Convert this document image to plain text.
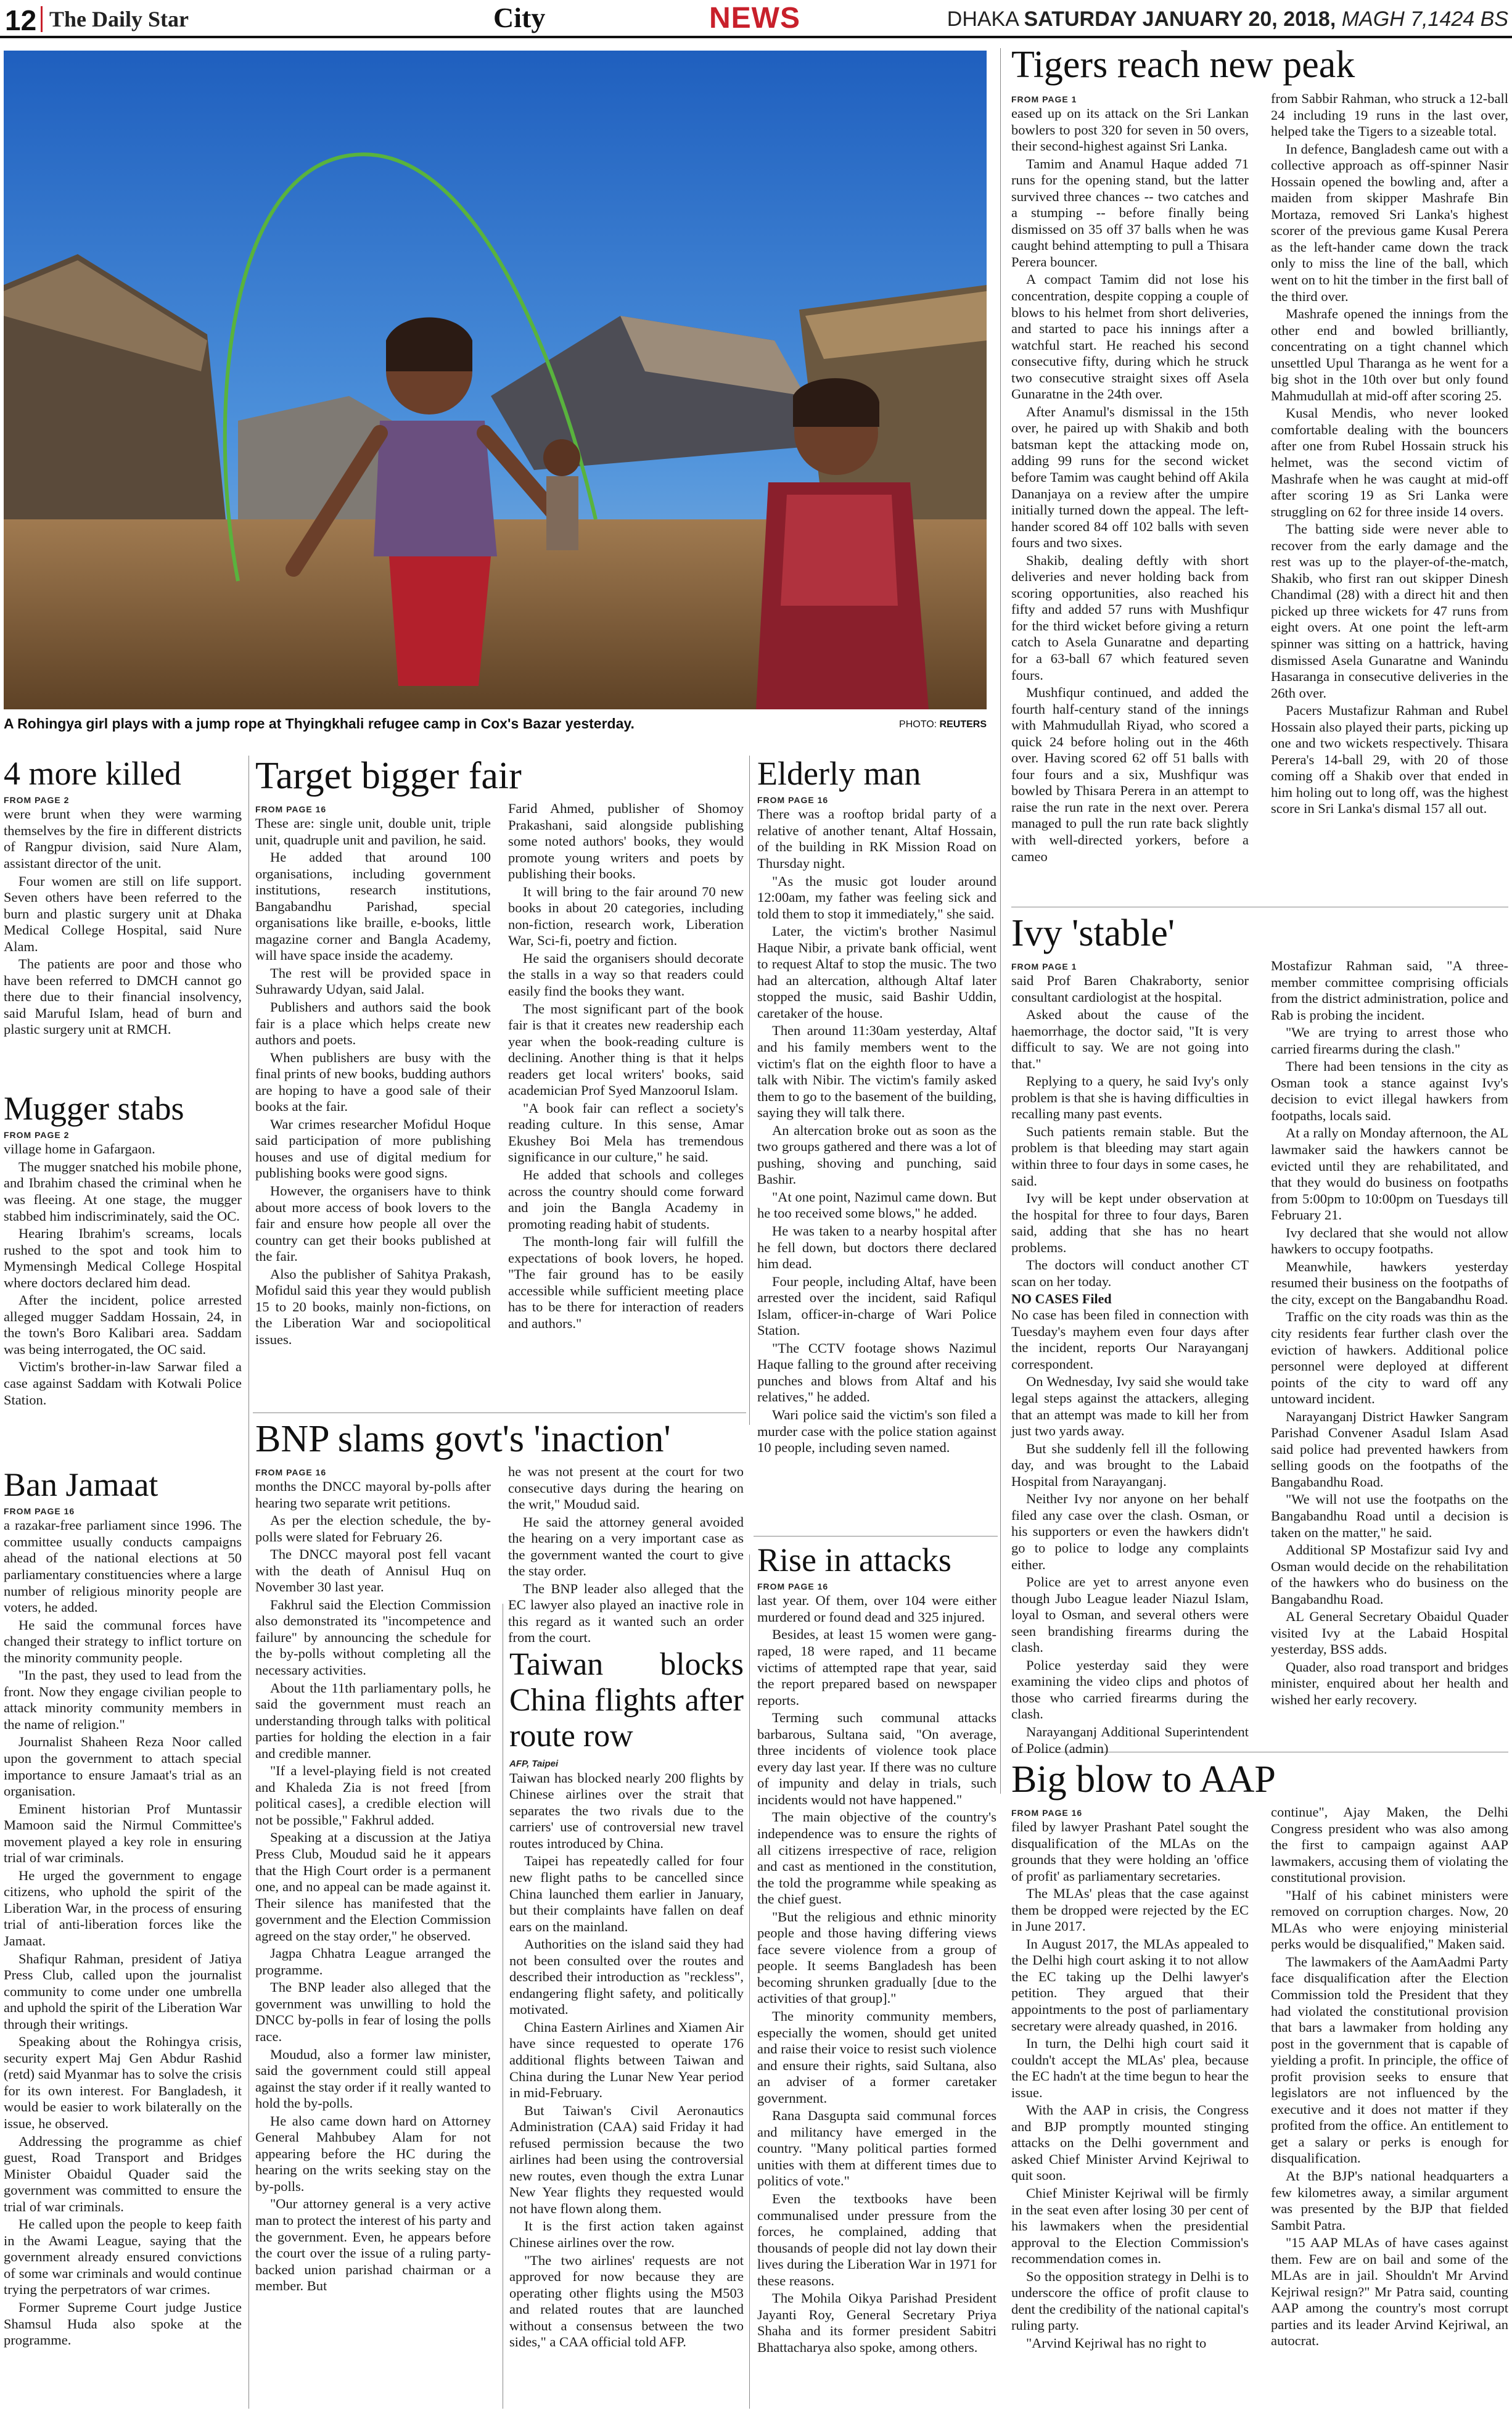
12 The Daily Star	City	NEWS	DHAKA SATURDAY JANUARY 20, 2018, MAGH 7,1424 BS
A Rohingya girl plays with a jump rope at Thyingkhali refugee camp in Cox's Bazar yesterday.	PHOTO: REUTERS
Tigers reach new peak
FROM PAGE 1

eased up on its attack on the Sri Lankan bowlers to post 320 for seven in 50 overs, their second-highest against Sri Lanka.

Tamim and Anamul Haque added 71 runs for the opening stand, but the latter survived three chances -- two catches and a stumping -- before finally being dismissed on 35 off 37 balls when he was caught behind attempting to pull a Thisara Perera bouncer.

A compact Tamim did not lose his concentration, despite copping a couple of blows to his helmet from short deliveries, and started to pace his innings after a watchful start. He reached his second consecutive fifty, during which he struck two consecutive straight sixes off Asela Gunaratne in the 24th over.

After Anamul's dismissal in the 15th over, he paired up with Shakib and both batsman kept the attacking mode on, adding 99 runs for the second wicket before Tamim was caught behind off Akila Dananjaya on a review after the umpire initially turned down the appeal. The left-hander scored 84 off 102 balls with seven fours and two sixes.

Shakib, dealing deftly with short deliveries and never holding back from scoring opportunities, also reached his fifty and added 57 runs with Mushfiqur for the third wicket before giving a return catch to Asela Gunaratne and departing for a 63-ball 67 which featured seven fours.

Mushfiqur continued, and added the fourth half-century stand of the innings with Mahmudullah Riyad, who scored a quick 24 before holing out in the 46th over. Having scored 62 off 51 balls with four fours and a six, Mushfiqur was bowled by Thisara Perera in an attempt to raise the run rate in the next over. Perera managed to pull the run rate back slightly with well-directed yorkers, before a cameo

from Sabbir Rahman, who struck a 12-ball 24 including 19 runs in the last over, helped take the Tigers to a sizeable total.

In defence, Bangladesh came out with a collective approach as off-spinner Nasir Hossain opened the bowling and, after a maiden from skipper Mashrafe Bin Mortaza, removed Sri Lanka's highest scorer of the previous game Kusal Perera as the left-hander came down the track only to miss the line of the ball, which went on to hit the timber in the first ball of the third over.

Mashrafe opened the innings from the other end and bowled brilliantly, concentrating on a tight channel which unsettled Upul Tharanga as he went for a big shot in the 10th over but only found Mahmudullah at mid-off after scoring 25.

Kusal Mendis, who never looked comfortable dealing with the bouncers after one from Rubel Hossain struck his helmet, was the second victim of Mashrafe when he was caught at mid-off after scoring 19 as Sri Lanka were struggling on 62 for three inside 14 overs.

The batting side were never able to recover from the early damage and the rest was up to the player-of-the-match, Shakib, who first ran out skipper Dinesh Chandimal (28) with a direct hit and then picked up three wickets for 47 runs from eight overs. At one point the left-arm spinner was sitting on a hattrick, having dismissed Asela Gunaratne and Wanindu Hasaranga in consecutive deliveries in the 26th over.

Pacers Mustafizur Rahman and Rubel Hossain also played their parts, picking up one and two wickets respectively. Thisara Perera's 14-ball 29, with 20 of those coming off a Shakib over that ended in him holing out to long off, was the highest score in Sri Lanka's dismal 157 all out.

Ivy 'stable'
FROM PAGE 1

said Prof Baren Chakraborty, senior consultant cardiologist at the hospital.

Asked about the cause of the haemorrhage, the doctor said, "It is very difficult to say. We are not going into that."

Replying to a query, he said Ivy's only problem is that she is having difficulties in recalling many past events.

Such patients remain stable. But the problem is that bleeding may start again within three to four days in some cases, he said.

Ivy will be kept under observation at the hospital for three to four days, Baren said, adding that she has no heart problems.

The doctors will conduct another CT scan on her today.

NO CASES Filed

No case has been filed in connection with Tuesday's mayhem even four days after the incident, reports Our Narayanganj correspondent.

On Wednesday, Ivy said she would take legal steps against the attackers, alleging that an attempt was made to kill her from just two yards away.

But she suddenly fell ill the following day, and was brought to the Labaid Hospital from Narayanganj.

Neither Ivy nor anyone on her behalf filed any case over the clash. Osman, or his supporters or even the hawkers didn't go to police to lodge any complaints either.

Police are yet to arrest anyone even though Jubo League leader Niazul Islam, loyal to Osman, and several others were seen brandishing firearms during the clash.

Police yesterday said they were examining the video clips and photos of those who carried firearms during the clash.

Narayanganj Additional Superintendent of Police (admin)

Mostafizur Rahman said, "A three-member committee comprising officials from the district administration, police and Rab is probing the incident.

"We are trying to arrest those who carried firearms during the clash."

There had been tensions in the city as Osman took a stance against Ivy's decision to evict illegal hawkers from footpaths, locals said.

At a rally on Monday afternoon, the AL lawmaker said the hawkers cannot be evicted until they are rehabilitated, and that they would do business on footpaths from 5:00pm to 10:00pm on Tuesdays till February 21.

Ivy declared that she would not allow hawkers to occupy footpaths.

Meanwhile, hawkers yesterday resumed their business on the footpaths of the city, except on the Bangabandhu Road.

Traffic on the city roads was thin as the city residents fear further clash over the eviction of hawkers. Additional police personnel were deployed at different points of the city to ward off any untoward incident.

Narayanganj District Hawker Sangram Parishad Convener Asadul Islam Asad said police had prevented hawkers from selling goods on the footpaths of the Bangabandhu Road.

"We will not use the footpaths on the Bangabandhu Road until a decision is taken on the matter," he said.

Additional SP Mostafizur said Ivy and Osman would decide on the rehabilitation of the hawkers who do business on the Bangabandhu Road.

AL General Secretary Obaidul Quader visited Ivy at the Labaid Hospital yesterday, BSS adds.

Quader, also road transport and bridges minister, enquired about her health and wished her early recovery.

Big blow to AAP
FROM PAGE 16

filed by lawyer Prashant Patel sought the disqualification of the MLAs on the grounds that they were holding an 'office of profit' as parliamentary secretaries.

The MLAs' pleas that the case against them be dropped were rejected by the EC in June 2017.

In August 2017, the MLAs appealed to the Delhi high court asking it to not allow the EC taking up the Delhi lawyer's petition. They argued that their appointments to the post of parliamentary secretary were already quashed, in 2016.

In turn, the Delhi high court said it couldn't accept the MLAs' plea, because the EC hadn't at the time begun to hear the issue.

With the AAP in crisis, the Congress and BJP promptly mounted stinging attacks on the Delhi government and asked Chief Minister Arvind Kejriwal to quit soon.

Chief Minister Kejriwal will be firmly in the seat even after losing 30 per cent of his lawmakers when the presidential approval to the Election Commission's recommendation comes in.

So the opposition strategy in Delhi is to underscore the office of profit clause to dent the credibility of the national capital's ruling party.

"Arvind Kejriwal has no right to

continue", Ajay Maken, the Delhi Congress president who was also among the first to campaign against AAP lawmakers, accusing them of violating the constitutional provision.

"Half of his cabinet ministers were removed on corruption charges. Now, 20 MLAs who were enjoying ministerial perks would be disqualified," Maken said.

The lawmakers of the AamAadmi Party face disqualification after the Election Commission told the President that they had violated the constitutional provision that bars a lawmaker from holding any post in the government that is capable of yielding a profit. In principle, the office of profit provision seeks to ensure that legislators are not influenced by the executive and it does not matter if they profited from the office. An entitlement to get a salary or perks is enough for disqualification.

At the BJP's national headquarters a few kilometres away, a similar argument was presented by the BJP that fielded Sambit Patra.

"15 AAP MLAs of have cases against them. Few are on bail and some of the MLAs are in jail. Shouldn't Mr Arvind Kejriwal resign?" Mr Patra said, counting AAP among the country's most corrupt parties and its leader Arvind Kejriwal, an autocrat.

4 more killed
FROM PAGE 2

were brunt when they were warming themselves by the fire in different districts of Rangpur division, said Nure Alam, assistant director of the unit.

Four women are still on life support. Seven others have been referred to the burn and plastic surgery unit at Dhaka Medical College Hospital, said Nure Alam.

The patients are poor and those who have been referred to DMCH cannot go there due to their financial insolvency, said Maruful Islam, head of burn and plastic surgery unit at RMCH.

Mugger stabs
FROM PAGE 2

village home in Gafargaon.

The mugger snatched his mobile phone, and Ibrahim chased the criminal when he was fleeing. At one stage, the mugger stabbed him indiscriminately, said the OC.

Hearing Ibrahim's screams, locals rushed to the spot and took him to Mymensingh Medical College Hospital where doctors declared him dead.

After the incident, police arrested alleged mugger Saddam Hossain, 24, in the town's Boro Kalibari area. Saddam was being interrogated, the OC said.

Victim's brother-in-law Sarwar filed a case against Saddam with Kotwali Police Station.

Ban Jamaat
FROM PAGE 16

a razakar-free parliament since 1996. The committee usually conducts campaigns ahead of the national elections at 50 parliamentary constituencies where a large number of religious minority people are voters, he added.

He said the communal forces have changed their strategy to inflict torture on the minority community people.

"In the past, they used to lead from the front. Now they engage civilian people to attack minority community members in the name of religion."

Journalist Shaheen Reza Noor called upon the government to attach special importance to ensure Jamaat's trial as an organisation.

Eminent historian Prof Muntassir Mamoon said the Nirmul Committee's movement played a key role in ensuring trial of war criminals.

He urged the government to engage citizens, who uphold the spirit of the Liberation War, in the process of ensuring trial of anti-liberation forces like the Jamaat.

Shafiqur Rahman, president of Jatiya Press Club, called upon the journalist community to come under one umbrella and uphold the spirit of the Liberation War through their writings.

Speaking about the Rohingya crisis, security expert Maj Gen Abdur Rashid (retd) said Myanmar has to solve the crisis for its own interest. For Bangladesh, it would be easier to work bilaterally on the issue, he observed.

Addressing the programme as chief guest, Road Transport and Bridges Minister Obaidul Quader said the government was committed to ensure the trial of war criminals.

He called upon the people to keep faith in the Awami League, saying that the government already ensured convictions of some war criminals and would continue trying the perpetrators of war crimes.

Former Supreme Court judge Justice Shamsul Huda also spoke at the programme.

Target bigger fair
FROM PAGE 16

These are: single unit, double unit, triple unit, quadruple unit and pavilion, he said.

He added that around 100 organisations, including government institutions, research institutions, Bangabandhu Parishad, special organisations like braille, e-books, little magazine corner and Bangla Academy, will have space inside the academy.

The rest will be provided space in Suhrawardy Udyan, said Jalal.

Publishers and authors said the book fair is a place which helps create new authors and poets.

When publishers are busy with the final prints of new books, budding authors are hoping to have a good sale of their books at the fair.

War crimes researcher Mofidul Hoque said participation of more publishing houses and use of digital medium for publishing books were good signs.

However, the organisers have to think about more access of book lovers to the fair and ensure how people all over the country can get their books published at the fair.

Also the publisher of Sahitya Prakash, Mofidul said this year they would publish 15 to 20 books, mainly non-fictions, on the Liberation War and sociopolitical issues.

Farid Ahmed, publisher of Shomoy Prakashani, said alongside publishing some noted authors' books, they would promote young writers and poets by publishing their books.

It will bring to the fair around 70 new books in about 20 categories, including non-fiction, research work, Liberation War, Sci-fi, poetry and fiction.

He said the organisers should decorate the stalls in a way so that readers could easily find the books they want.

The most significant part of the book fair is that it creates new readership each year when the book-reading culture is declining. Another thing is that it helps readers get local writers' books, said academician Prof Syed Manzoorul Islam.

"A book fair can reflect a society's reading culture. In this sense, Amar Ekushey Boi Mela has tremendous significance in our culture," he said.

He added that schools and colleges across the country should come forward and join the Bangla Academy in promoting reading habit of students.

The month-long fair will fulfill the expectations of book lovers, he hoped. "The fair ground has to be easily accessible while sufficient meeting place has to be there for interaction of readers and authors."

BNP slams govt's 'inaction'
FROM PAGE 16

months the DNCC mayoral by-polls after hearing two separate writ petitions.

As per the election schedule, the by-polls were slated for February 26.

The DNCC mayoral post fell vacant with the death of Annisul Huq on November 30 last year.

Fakhrul said the Election Commission also demonstrated its "incompetence and failure" by announcing the schedule for the by-polls without completing all the necessary activities.

About the 11th parliamentary polls, he said the government must reach an understanding through talks with political parties for holding the election in a fair and credible manner.

"If a level-playing field is not created and Khaleda Zia is not freed [from political cases], a credible election will not be possible," Fakhrul added.

Speaking at a discussion at the Jatiya Press Club, Moudud said he it appears that the High Court order is a permanent one, and no appeal can be made against it. Their silence has manifested that the government and the Election Commission agreed on the stay order," he observed.

Jagpa Chhatra League arranged the programme.

The BNP leader also alleged that the government was unwilling to hold the DNCC by-polls in fear of losing the polls race.

Moudud, also a former law minister, said the government could still appeal against the stay order if it really wanted to hold the by-polls.

He also came down hard on Attorney General Mahbubey Alam for not appearing before the HC during the hearing on the writs seeking stay on the by-polls.

"Our attorney general is a very active man to protect the interest of his party and the government. Even, he appears before the court over the issue of a ruling party-backed union parishad chairman or a member. But

he was not present at the court for two consecutive days during the hearing on the writ," Moudud said.

He said the attorney general avoided the hearing on a very important case as the government wanted the court to give the stay order.

The BNP leader also alleged that the EC lawyer also played an inactive role in this regard as it wanted such an order from the court.

Taiwan blocks China flights after route row
AFP, Taipei

Taiwan has blocked nearly 200 flights by Chinese airlines over the strait that separates the two rivals due to the carriers' use of controversial new travel routes introduced by China.

Taipei has repeatedly called for four new flight paths to be cancelled since China launched them earlier in January, but their complaints have fallen on deaf ears on the mainland.

Authorities on the island said they had not been consulted over the routes and described their introduction as "reckless", endangering flight safety, and politically motivated.

China Eastern Airlines and Xiamen Air have since requested to operate 176 additional flights between Taiwan and China during the Lunar New Year period in mid-February.

But Taiwan's Civil Aeronautics Administration (CAA) said Friday it had refused permission because the two airlines had been using the controversial new routes, even though the extra Lunar New Year flights they requested would not have flown along them.

It is the first action taken against Chinese airlines over the row.

"The two airlines' requests are not approved for now because they are operating other flights using the M503 and related routes that are launched without a consensus between the two sides," a CAA official told AFP.

Elderly man
FROM PAGE 16

There was a rooftop bridal party of a relative of another tenant, Altaf Hossain, of the building in RK Mission Road on Thursday night.

"As the music got louder around 12:00am, my father was feeling sick and told them to stop it immediately," she said.

Later, the victim's brother Nasimul Haque Nibir, a private bank official, went to request Altaf to stop the music. The two had an altercation, although Altaf later stopped the music, said Bashir Uddin, caretaker of the house.

Then around 11:30am yesterday, Altaf and his family members went to the victim's flat on the eighth floor to have a talk with Nibir. The victim's family asked them to go to the basement of the building, saying they will talk there.

An altercation broke out as soon as the two groups gathered and there was a lot of pushing, shoving and punching, said Bashir.

"At one point, Nazimul came down. But he too received some blows," he added.

He was taken to a nearby hospital after he fell down, but doctors there declared him dead.

Four people, including Altaf, have been arrested over the incident, said Rafiqul Islam, officer-in-charge of Wari Police Station.

"The CCTV footage shows Nazimul Haque falling to the ground after receiving punches and blows from Altaf and his relatives," he added.

Wari police said the victim's son filed a murder case with the police station against 10 people, including seven named.

Rise in attacks
FROM PAGE 16

last year. Of them, over 104 were either murdered or found dead and 325 injured.

Besides, at least 15 women were gang-raped, 18 were raped, and 11 became victims of attempted rape that year, said the report prepared based on newspaper reports.

Terming such communal attacks barbarous, Sultana said, "On average, three incidents of violence took place every day last year. If there was no culture of impunity and delay in trials, such incidents would not have happened."

The main objective of the country's independence was to ensure the rights of all citizens irrespective of race, religion and cast as mentioned in the constitution, the told the programme while speaking as the chief guest.

"But the religious and ethnic minority people and those having differing views face severe violence from a group of people. It seems Bangladesh has been becoming shrunken gradually [due to the activities of that group]."

The minority community members, especially the women, should get united and raise their voice to resist such violence and ensure their rights, said Sultana, also an adviser of a former caretaker government.

Rana Dasgupta said communal forces and militancy have emerged in the country. "Many political parties formed unities with them at different times due to politics of vote."

Even the textbooks have been communalised under pressure from the forces, he complained, adding that thousands of people did not lay down their lives during the Liberation War in 1971 for these reasons.

The Mohila Oikya Parishad President Jayanti Roy, General Secretary Priya Shaha and its former president Sabitri Bhattacharya also spoke, among others.
